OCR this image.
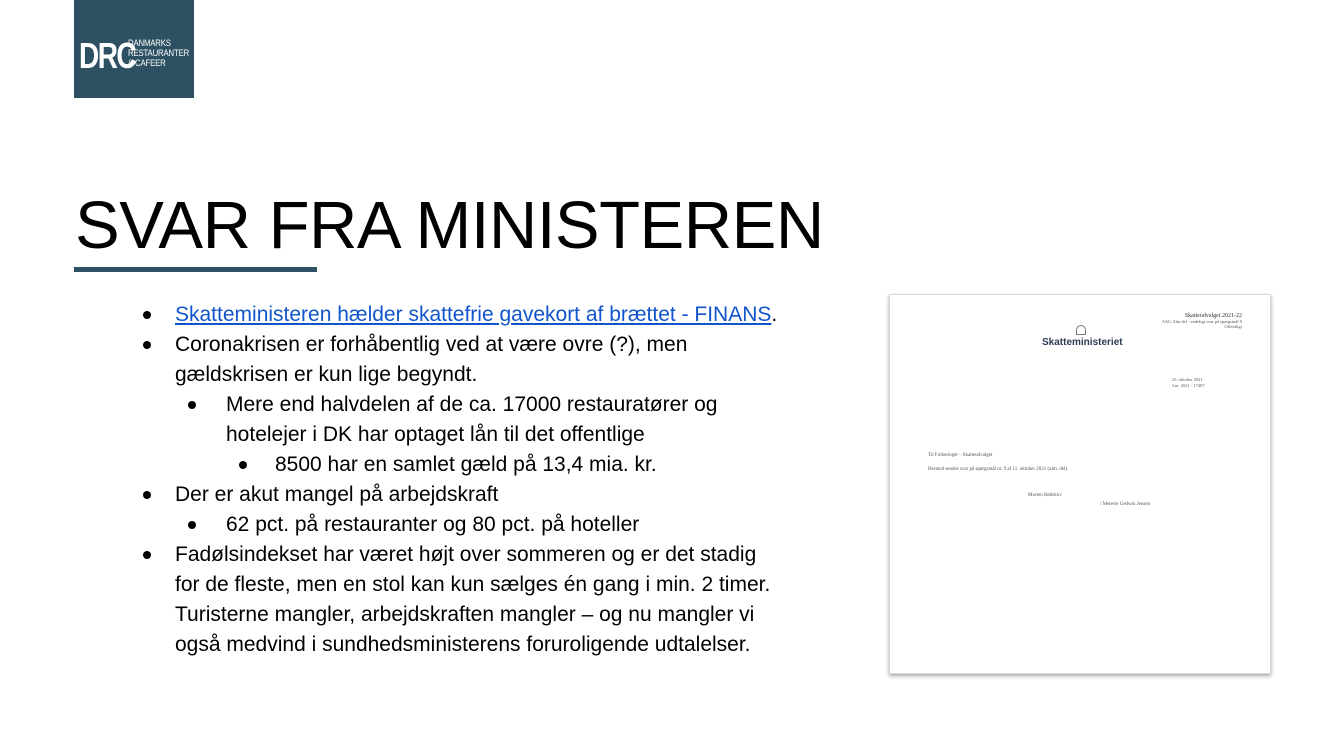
DRC
DANMARKS
RESTAURANTER
& CAFEER
SVAR FRA MINISTEREN
Skatteministeren hælder skattefrie gavekort af brættet - FINANS.
Coronakrisen er forhåbentlig ved at være ovre (?), men
gældskrisen er kun lige begyndt.
Mere end halvdelen af de ca. 17000 restauratører og
hotelejer i DK har optaget lån til det offentlige
8500 har en samlet gæld på 13,4 mia. kr.
Der er akut mangel på arbejdskraft
62 pct. på restauranter og 80 pct. på hoteller
Fadølsindekset har været højt over sommeren og er det stadig
for de fleste, men en stol kan kun sælges én gang i min. 2 timer.
Turisterne mangler, arbejdskraften mangler – og nu mangler vi
også medvind i sundhedsministerens foruroligende udtalelser.
Skatteudvalget 2021-22
SAU Alm.del - endeligt svar på spørgsmål 9
Offentligt
Skatteministeriet
25. oktober 2021
J.nr. 2021 - 17487
Til Folketinget – Skatteudvalget
Hermed sendes svar på spørgsmål nr. 9 af 11. oktober 2021 (alm. del).
Morten Bødskov
/ Mererte Gedwin Jensen
